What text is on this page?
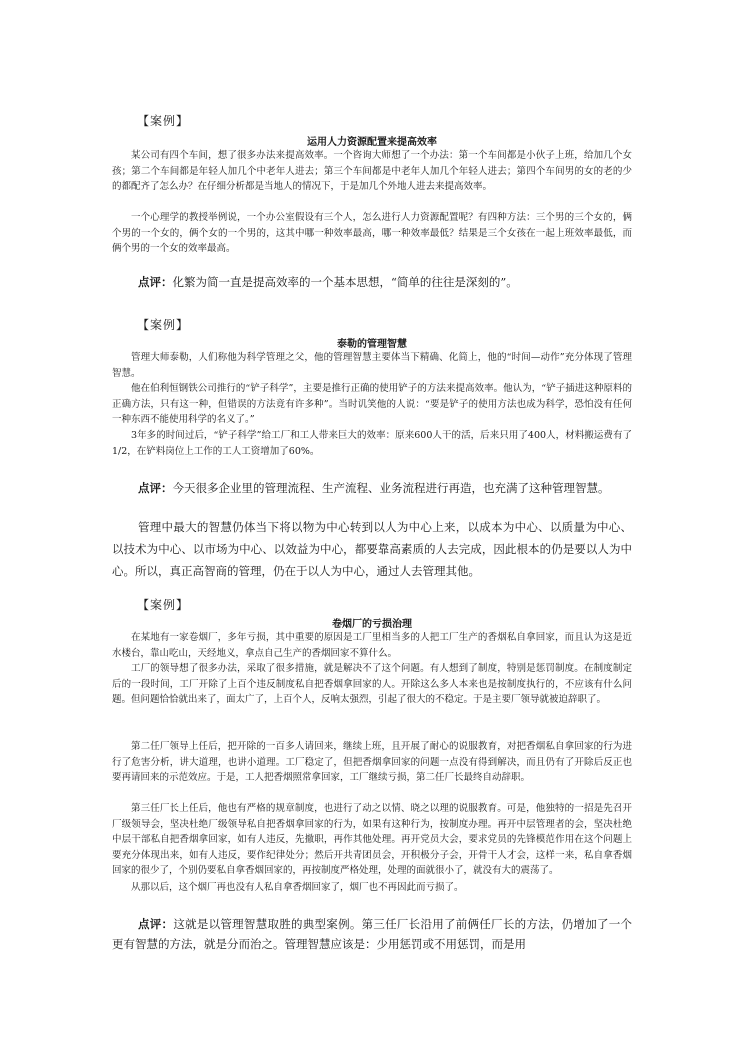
【案例】
运用人力资源配置来提高效率

某公司有四个车间，想了很多办法来提高效率。一个咨询大师想了一个办法：第一个车间都是小伙子上班，给加几个女孩；第二个车间都是年轻人加几个中老年人进去；第三个车间都是中老年人加几个年轻人进去；第四个车间男的女的老的少的都配齐了怎么办？在仔细分析都是当地人的情况下，于是加几个外地人进去来提高效率。

一个心理学的教授举例说，一个办公室假设有三个人，怎么进行人力资源配置呢？有四种方法：三个男的三个女的，俩个男的一个女的，俩个女的一个男的，这其中哪一种效率最高，哪一种效率最低？结果是三个女孩在一起上班效率最低，而俩个男的一个女的效率最高。

点评：化繁为简一直是提高效率的一个基本思想，“简单的往往是深刻的”。

【案例】
泰勒的管理智慧

管理大师泰勒，人们称他为科学管理之父，他的管理智慧主要体当下精确、化简上，他的“时间—动作”充分体现了管理智慧。

他在伯利恒钢铁公司推行的“铲子科学”，主要是推行正确的使用铲子的方法来提高效率。他认为，“铲子插进这种原料的正确方法，只有这一种，但错误的方法竟有许多种”。当时讥笑他的人说：“要是铲子的使用方法也成为科学，恐怕没有任何一种东西不能使用科学的名义了。”

3年多的时间过后，“铲子科学”给工厂和工人带来巨大的效率：原来600人干的活，后来只用了400人，材料搬运费有了1/2，在铲料岗位上工作的工人工资增加了60%。

点评：今天很多企业里的管理流程、生产流程、业务流程进行再造，也充满了这种管理智慧。

管理中最大的智慧仍体当下将以物为中心转到以人为中心上来，以成本为中心、以质量为中心、以技术为中心、以市场为中心、以效益为中心，都要靠高素质的人去完成，因此根本的仍是要以人为中心。所以，真正高智商的管理，仍在于以人为中心，通过人去管理其他。

【案例】
卷烟厂的亏损治理

在某地有一家卷烟厂，多年亏损，其中重要的原因是工厂里相当多的人把工厂生产的香烟私自拿回家，而且认为这是近水楼台，靠山吃山，天经地义，拿点自己生产的香烟回家不算什么。

工厂的领导想了很多办法，采取了很多措施，就是解决不了这个问题。有人想到了制度，特别是惩罚制度。在制度制定后的一段时间，工厂开除了上百个违反制度私自把香烟拿回家的人。开除这么多人本来也是按制度执行的，不应该有什么问题。但问题恰恰就出来了，面太广了，上百个人，反响太强烈，引起了很大的不稳定。于是主要厂领导就被迫辞职了。

第二任厂领导上任后，把开除的一百多人请回来，继续上班，且开展了耐心的说服教育，对把香烟私自拿回家的行为进行了危害分析，讲大道理，也讲小道理。工厂稳定了，但把香烟拿回家的问题一点没有得到解决，而且仍有了开除后反正也要再请回来的示范效应。于是，工人把香烟照常拿回家，工厂继续亏损，第二任厂长最终自动辞职。

第三任厂长上任后，他也有严格的规章制度，也进行了动之以情、晓之以理的说服教育。可是，他独特的一招是先召开厂级领导会，坚决杜绝厂级领导私自把香烟拿回家的行为，如果有这种行为，按制度办理。再开中层管理者的会，坚决杜绝中层干部私自把香烟拿回家，如有人违反，先撤职，再作其他处理。再开党员大会，要求党员的先锋模范作用在这个问题上要充分体现出来，如有人违反，要作纪律处分；然后开共青团员会，开积极分子会，开骨干人才会，这样一来，私自拿香烟回家的很少了，个别仍要私自拿香烟回家的，再按制度严格处理，处理的面就很小了，就没有大的震荡了。

从那以后，这个烟厂再也没有人私自拿香烟回家了，烟厂也不再因此而亏损了。

点评：这就是以管理智慧取胜的典型案例。第三任厂长沿用了前俩任厂长的方法，仍增加了一个更有智慧的方法，就是分而治之。管理智慧应该是：少用惩罚或不用惩罚，而是用
